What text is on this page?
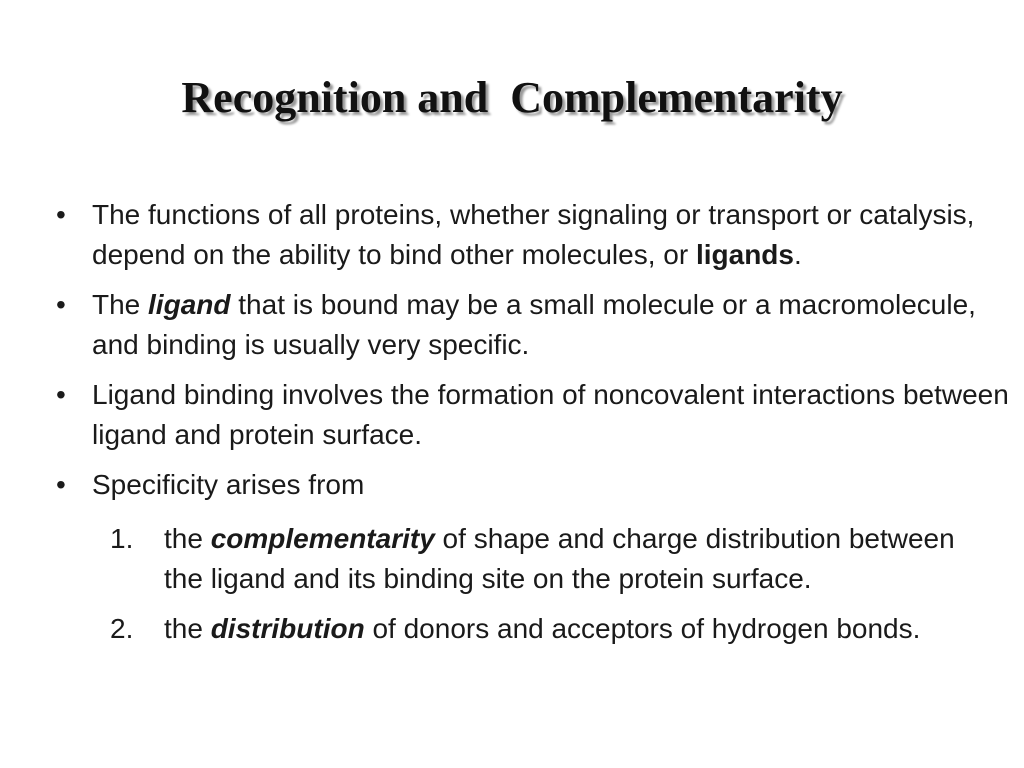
Recognition and  Complementarity
• The functions of all proteins, whether signaling or transport or catalysis, depend on the ability to bind other molecules, or ligands.
• The ligand that is bound may be a small molecule or a macromolecule, and binding is usually very specific.
• Ligand binding involves the formation of noncovalent interactions between ligand and protein surface.
• Specificity arises from
1. the complementarity of shape and charge distribution between the ligand and its binding site on the protein surface.
2. the distribution of donors and acceptors of hydrogen bonds.
